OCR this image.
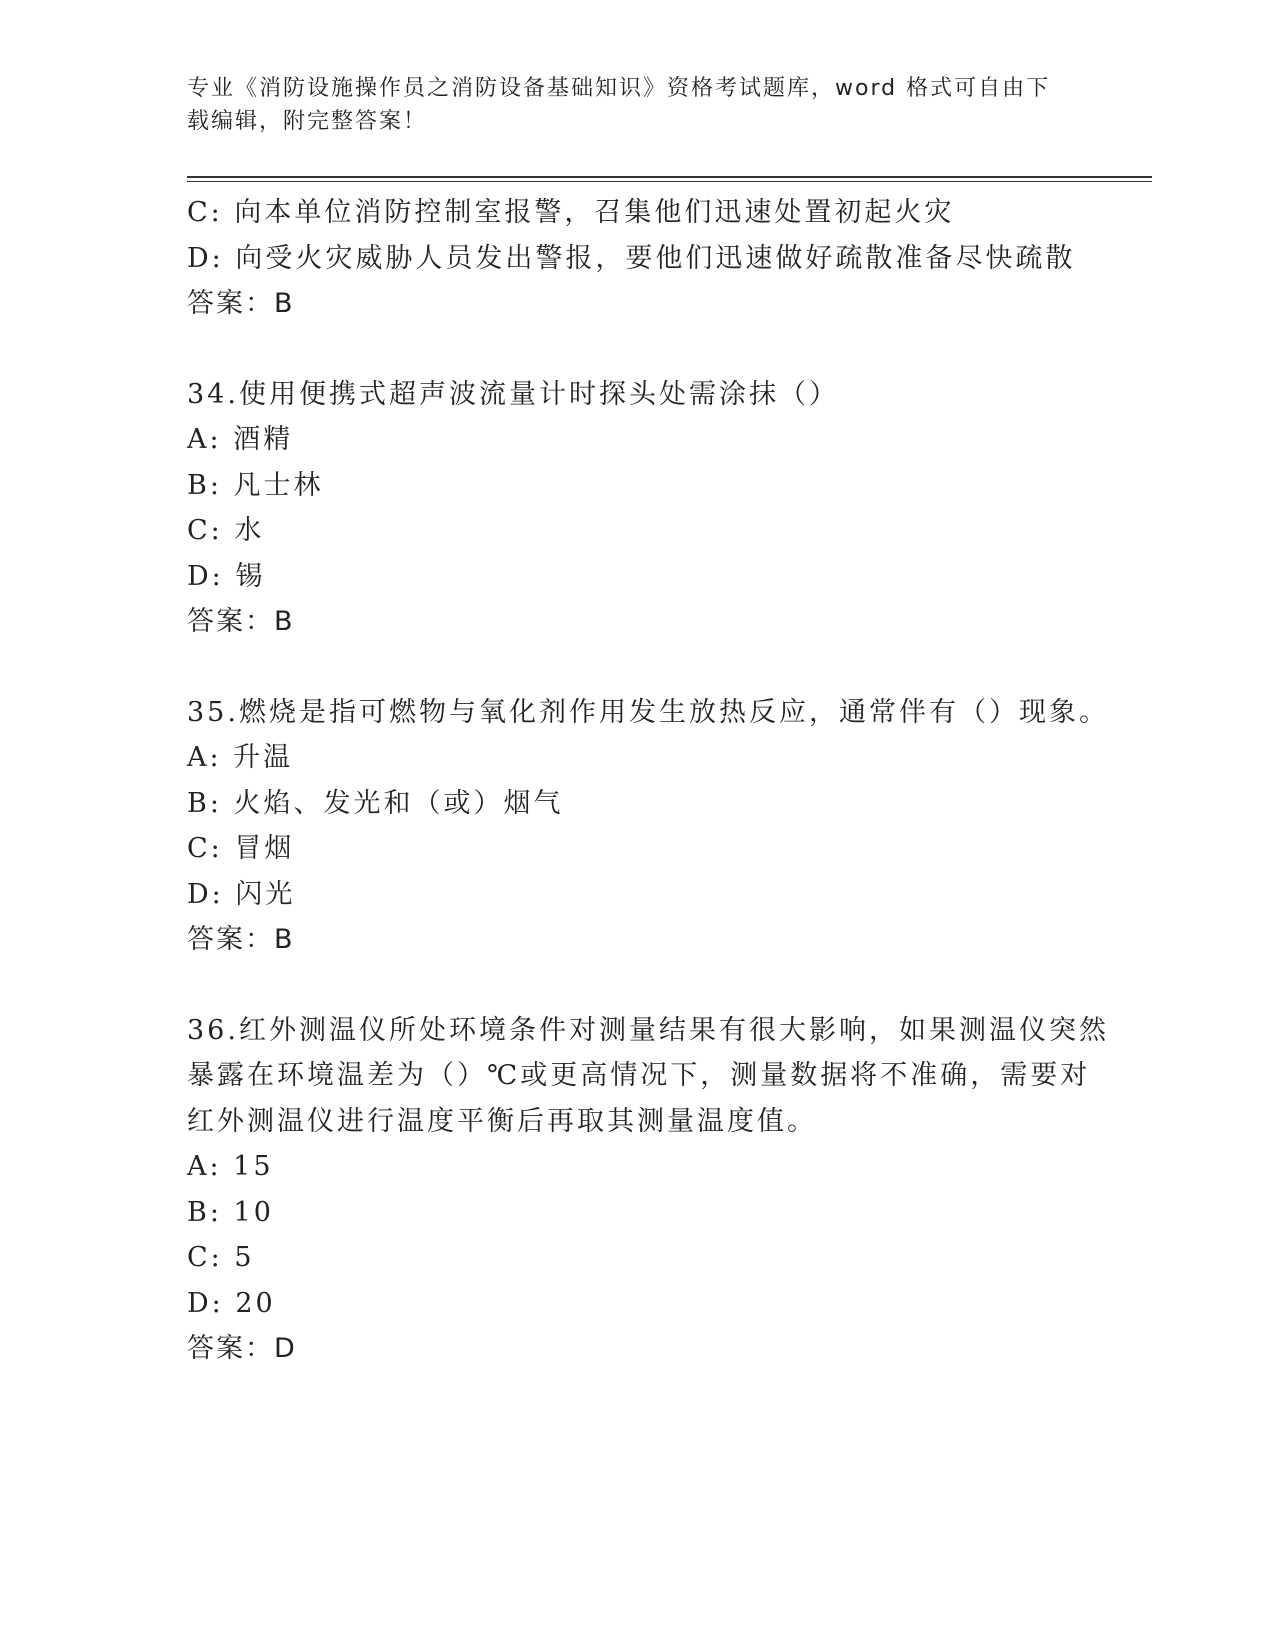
专业《消防设施操作员之消防设备基础知识》资格考试题库，word 格式可自由下载编辑，附完整答案！
C: 向本单位消防控制室报警，召集他们迅速处置初起火灾
D: 向受火灾威胁人员发出警报，要他们迅速做好疏散准备尽快疏散
答案：B
34.使用便携式超声波流量计时探头处需涂抹（）
A: 酒精
B: 凡士林
C: 水
D: 锡
答案：B
35.燃烧是指可燃物与氧化剂作用发生放热反应，通常伴有（）现象。
A: 升温
B: 火焰、发光和（或）烟气
C: 冒烟
D: 闪光
答案：B
36.红外测温仪所处环境条件对测量结果有很大影响，如果测温仪突然
暴露在环境温差为（）℃或更高情况下，测量数据将不准确，需要对
红外测温仪进行温度平衡后再取其测量温度值。
A: 15
B: 10
C: 5
D: 20
答案：D
